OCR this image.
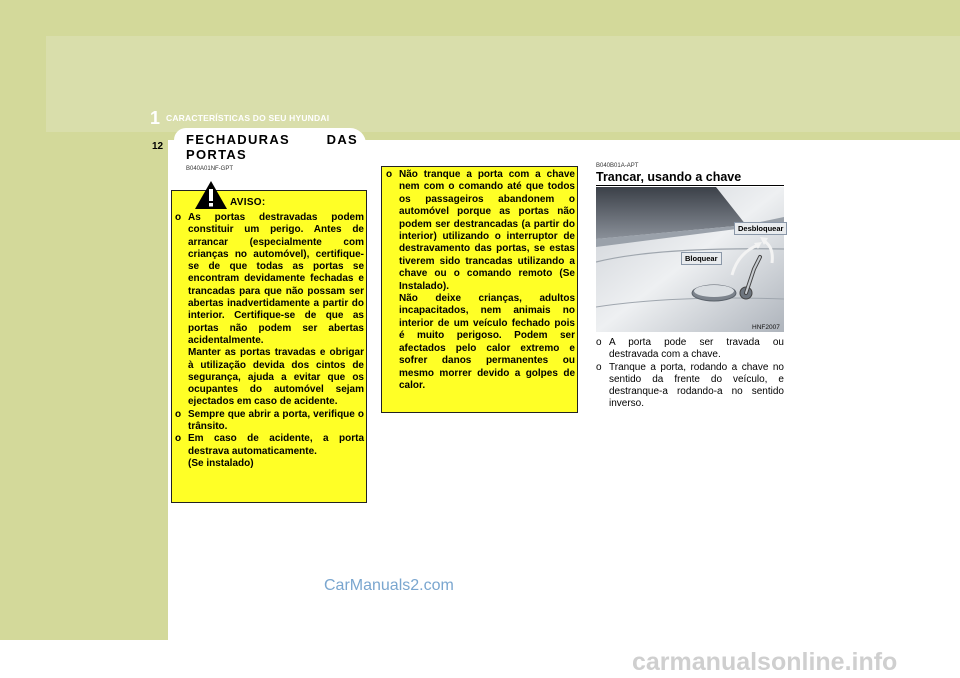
1 CARACTERÍSTICAS DO SEU HYUNDAI
12 FECHADURAS	DAS
PORTAS
B040A01NF-GPT
AVISO:
o As portas destravadas podem constituir um perigo. Antes de arrancar (especialmente com crianças no automóvel), certifique-se de que todas as portas se encontram devidamente fechadas e trancadas para que não possam ser abertas inadvertidamente a partir do interior. Certifique-se de que as portas não podem ser abertas acidentalmente.
Manter as portas travadas e obrigar à utilização devida dos cintos de segurança, ajuda a evitar que os ocupantes do automóvel sejam ejectados em caso de acidente.
o Sempre que abrir a porta, verifique o trânsito.
o Em caso de acidente, a porta destrava automaticamente.
(Se instalado)
o Não tranque a porta com a chave nem com o comando até que todos os passageiros abandonem o automóvel porque as portas não podem ser destrancadas (a partir do interior) utilizando o interruptor de destravamento das portas, se estas tiverem sido trancadas utilizando a chave ou o comando remoto (Se Instalado).
Não deixe crianças, adultos incapacitados, nem animais no interior de um veículo fechado pois é muito perigoso. Podem ser afectados pelo calor extremo e sofrer danos permanentes ou mesmo morrer devido a golpes de calor.
B040B01A-APT
Trancar, usando a chave
Desbloquear
Bloquear
HNF2007
o A porta pode ser travada ou destravada com a chave.
o Tranque a porta, rodando a chave no sentido da frente do veículo, e destranque-a rodando-a no sentido inverso.
CarManuals2.com
carmanualsonline.info
